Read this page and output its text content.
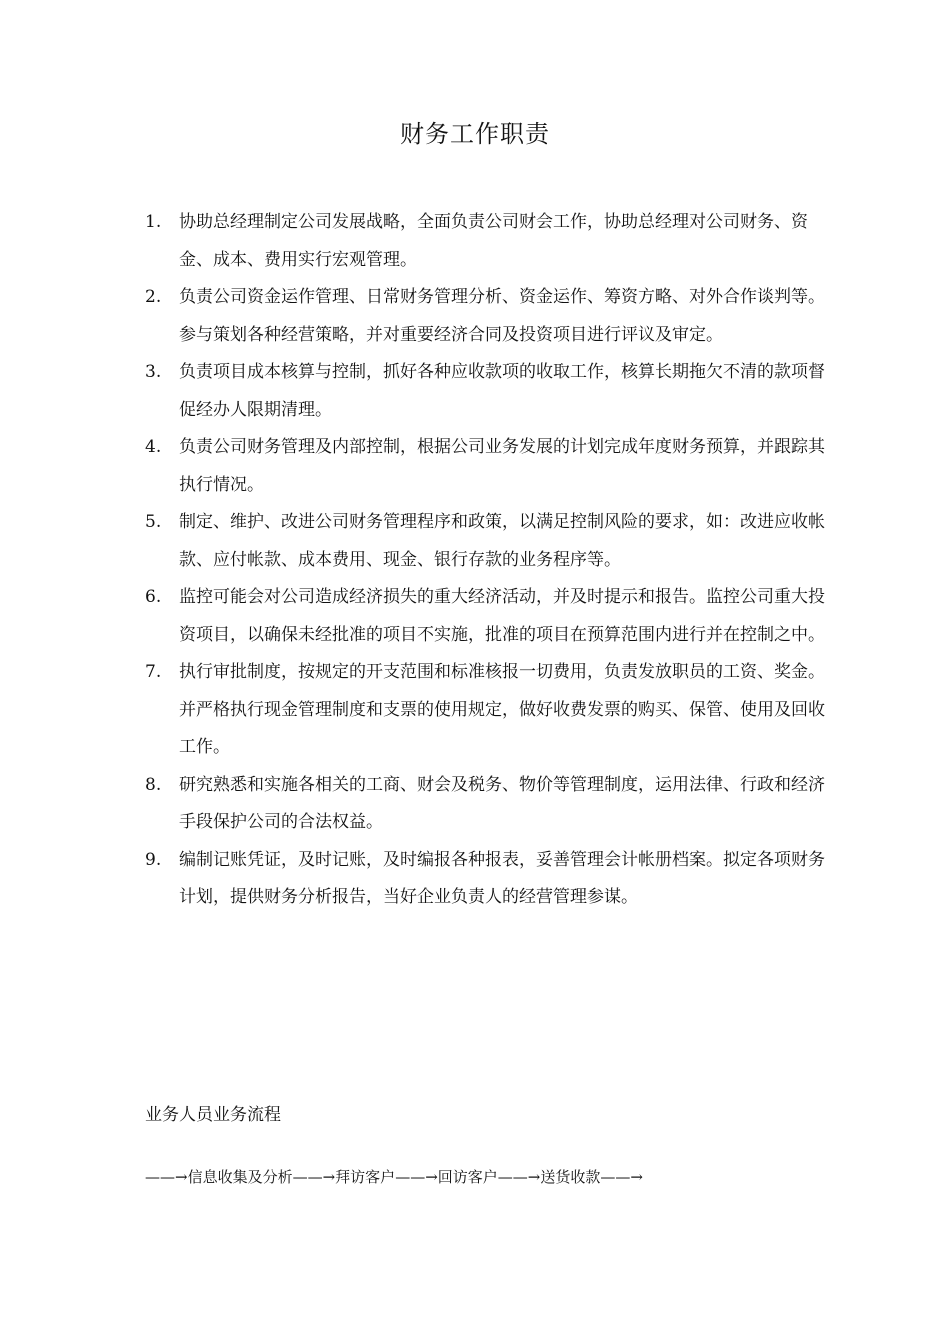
财务工作职责
1.	协助总经理制定公司发展战略，全面负责公司财会工作，协助总经理对公司财务、资金、成本、费用实行宏观管理。
2.	负责公司资金运作管理、日常财务管理分析、资金运作、筹资方略、对外合作谈判等。参与策划各种经营策略，并对重要经济合同及投资项目进行评议及审定。
3.	负责项目成本核算与控制，抓好各种应收款项的收取工作，核算长期拖欠不清的款项督促经办人限期清理。
4.	负责公司财务管理及内部控制，根据公司业务发展的计划完成年度财务预算，并跟踪其执行情况。
5.	制定、维护、改进公司财务管理程序和政策，以满足控制风险的要求，如：改进应收帐款、应付帐款、成本费用、现金、银行存款的业务程序等。
6.	监控可能会对公司造成经济损失的重大经济活动，并及时提示和报告。监控公司重大投资项目，以确保未经批准的项目不实施，批准的项目在预算范围内进行并在控制之中。
7.	执行审批制度，按规定的开支范围和标准核报一切费用，负责发放职员的工资、奖金。并严格执行现金管理制度和支票的使用规定，做好收费发票的购买、保管、使用及回收工作。
8.	研究熟悉和实施各相关的工商、财会及税务、物价等管理制度，运用法律、行政和经济手段保护公司的合法权益。
9.	编制记账凭证，及时记账，及时编报各种报表，妥善管理会计帐册档案。拟定各项财务计划，提供财务分析报告，当好企业负责人的经营管理参谋。
业务人员业务流程
——→信息收集及分析——→拜访客户——→回访客户——→送货收款——→
